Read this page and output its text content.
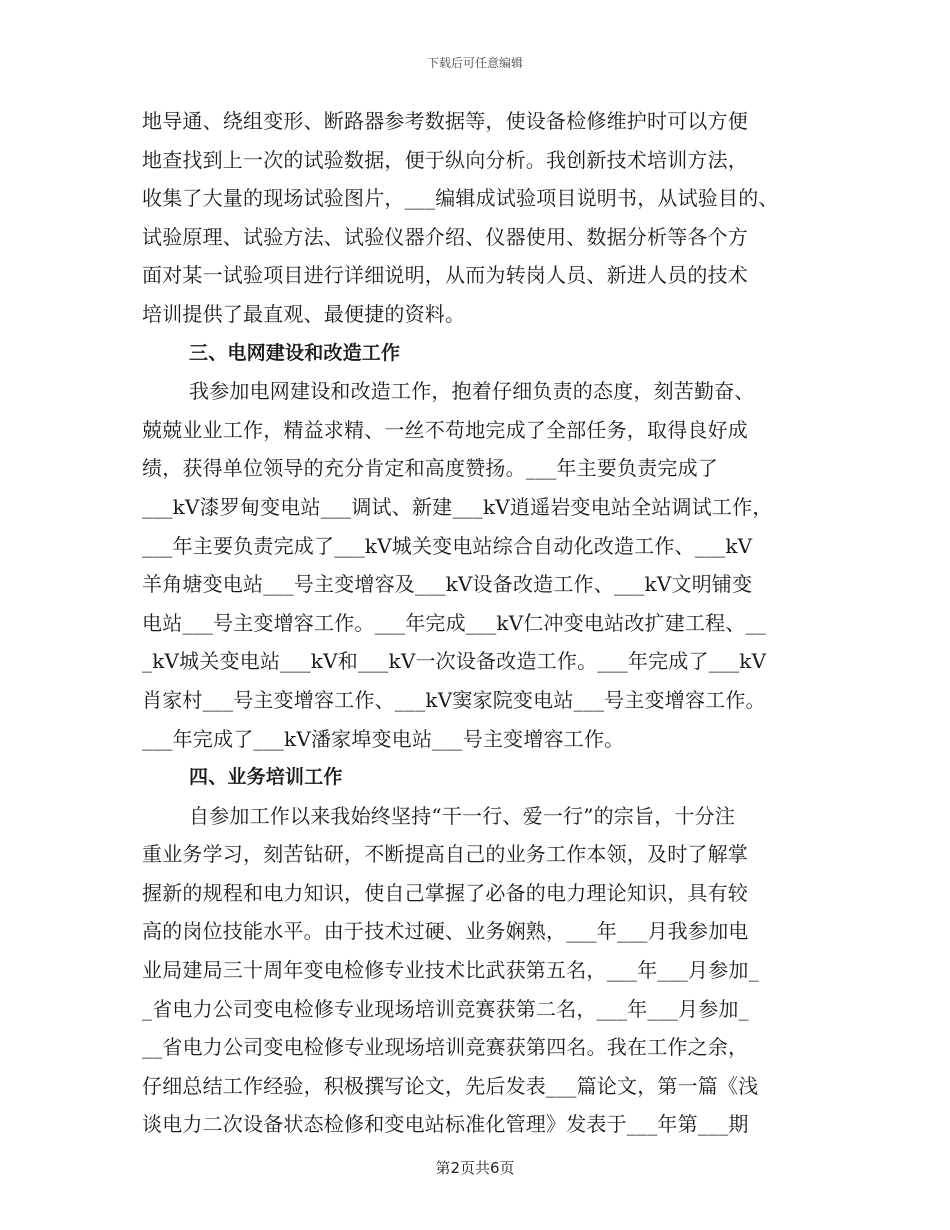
下载后可任意编辑
地导通、绕组变形、断路器参考数据等，使设备检修维护时可以方便
地查找到上一次的试验数据，便于纵向分析。我创新技术培训方法，
收集了大量的现场试验图片，___编辑成试验项目说明书，从试验目的、
试验原理、试验方法、试验仪器介绍、仪器使用、数据分析等各个方
面对某一试验项目进行详细说明，从而为转岗人员、新进人员的技术
培训提供了最直观、最便捷的资料。
三、电网建设和改造工作
我参加电网建设和改造工作，抱着仔细负责的态度，刻苦勤奋、
兢兢业业工作，精益求精、一丝不苟地完成了全部任务，取得良好成
绩，获得单位领导的充分肯定和高度赞扬。___年主要负责完成了
___kV漆罗甸变电站___调试、新建___kV逍遥岩变电站全站调试工作，
___年主要负责完成了___kV城关变电站综合自动化改造工作、___kV
羊角塘变电站___号主变增容及___kV设备改造工作、___kV文明铺变
电站___号主变增容工作。___年完成___kV仁冲变电站改扩建工程、__
_kV城关变电站___kV和___kV一次设备改造工作。___年完成了___kV
肖家村___号主变增容工作、___kV窦家院变电站___号主变增容工作。
___年完成了___kV潘家埠变电站___号主变增容工作。
四、业务培训工作
自参加工作以来我始终坚持“干一行、爱一行”的宗旨，十分注
重业务学习，刻苦钻研，不断提高自己的业务工作本领，及时了解掌
握新的规程和电力知识，使自己掌握了必备的电力理论知识，具有较
高的岗位技能水平。由于技术过硬、业务娴熟，___年___月我参加电
业局建局三十周年变电检修专业技术比武获第五名，___年___月参加_
_省电力公司变电检修专业现场培训竞赛获第二名，___年___月参加_
__省电力公司变电检修专业现场培训竞赛获第四名。我在工作之余，
仔细总结工作经验，积极撰写论文，先后发表___篇论文，第一篇《浅
谈电力二次设备状态检修和变电站标准化管理》发表于___年第___期
第2页共6页
